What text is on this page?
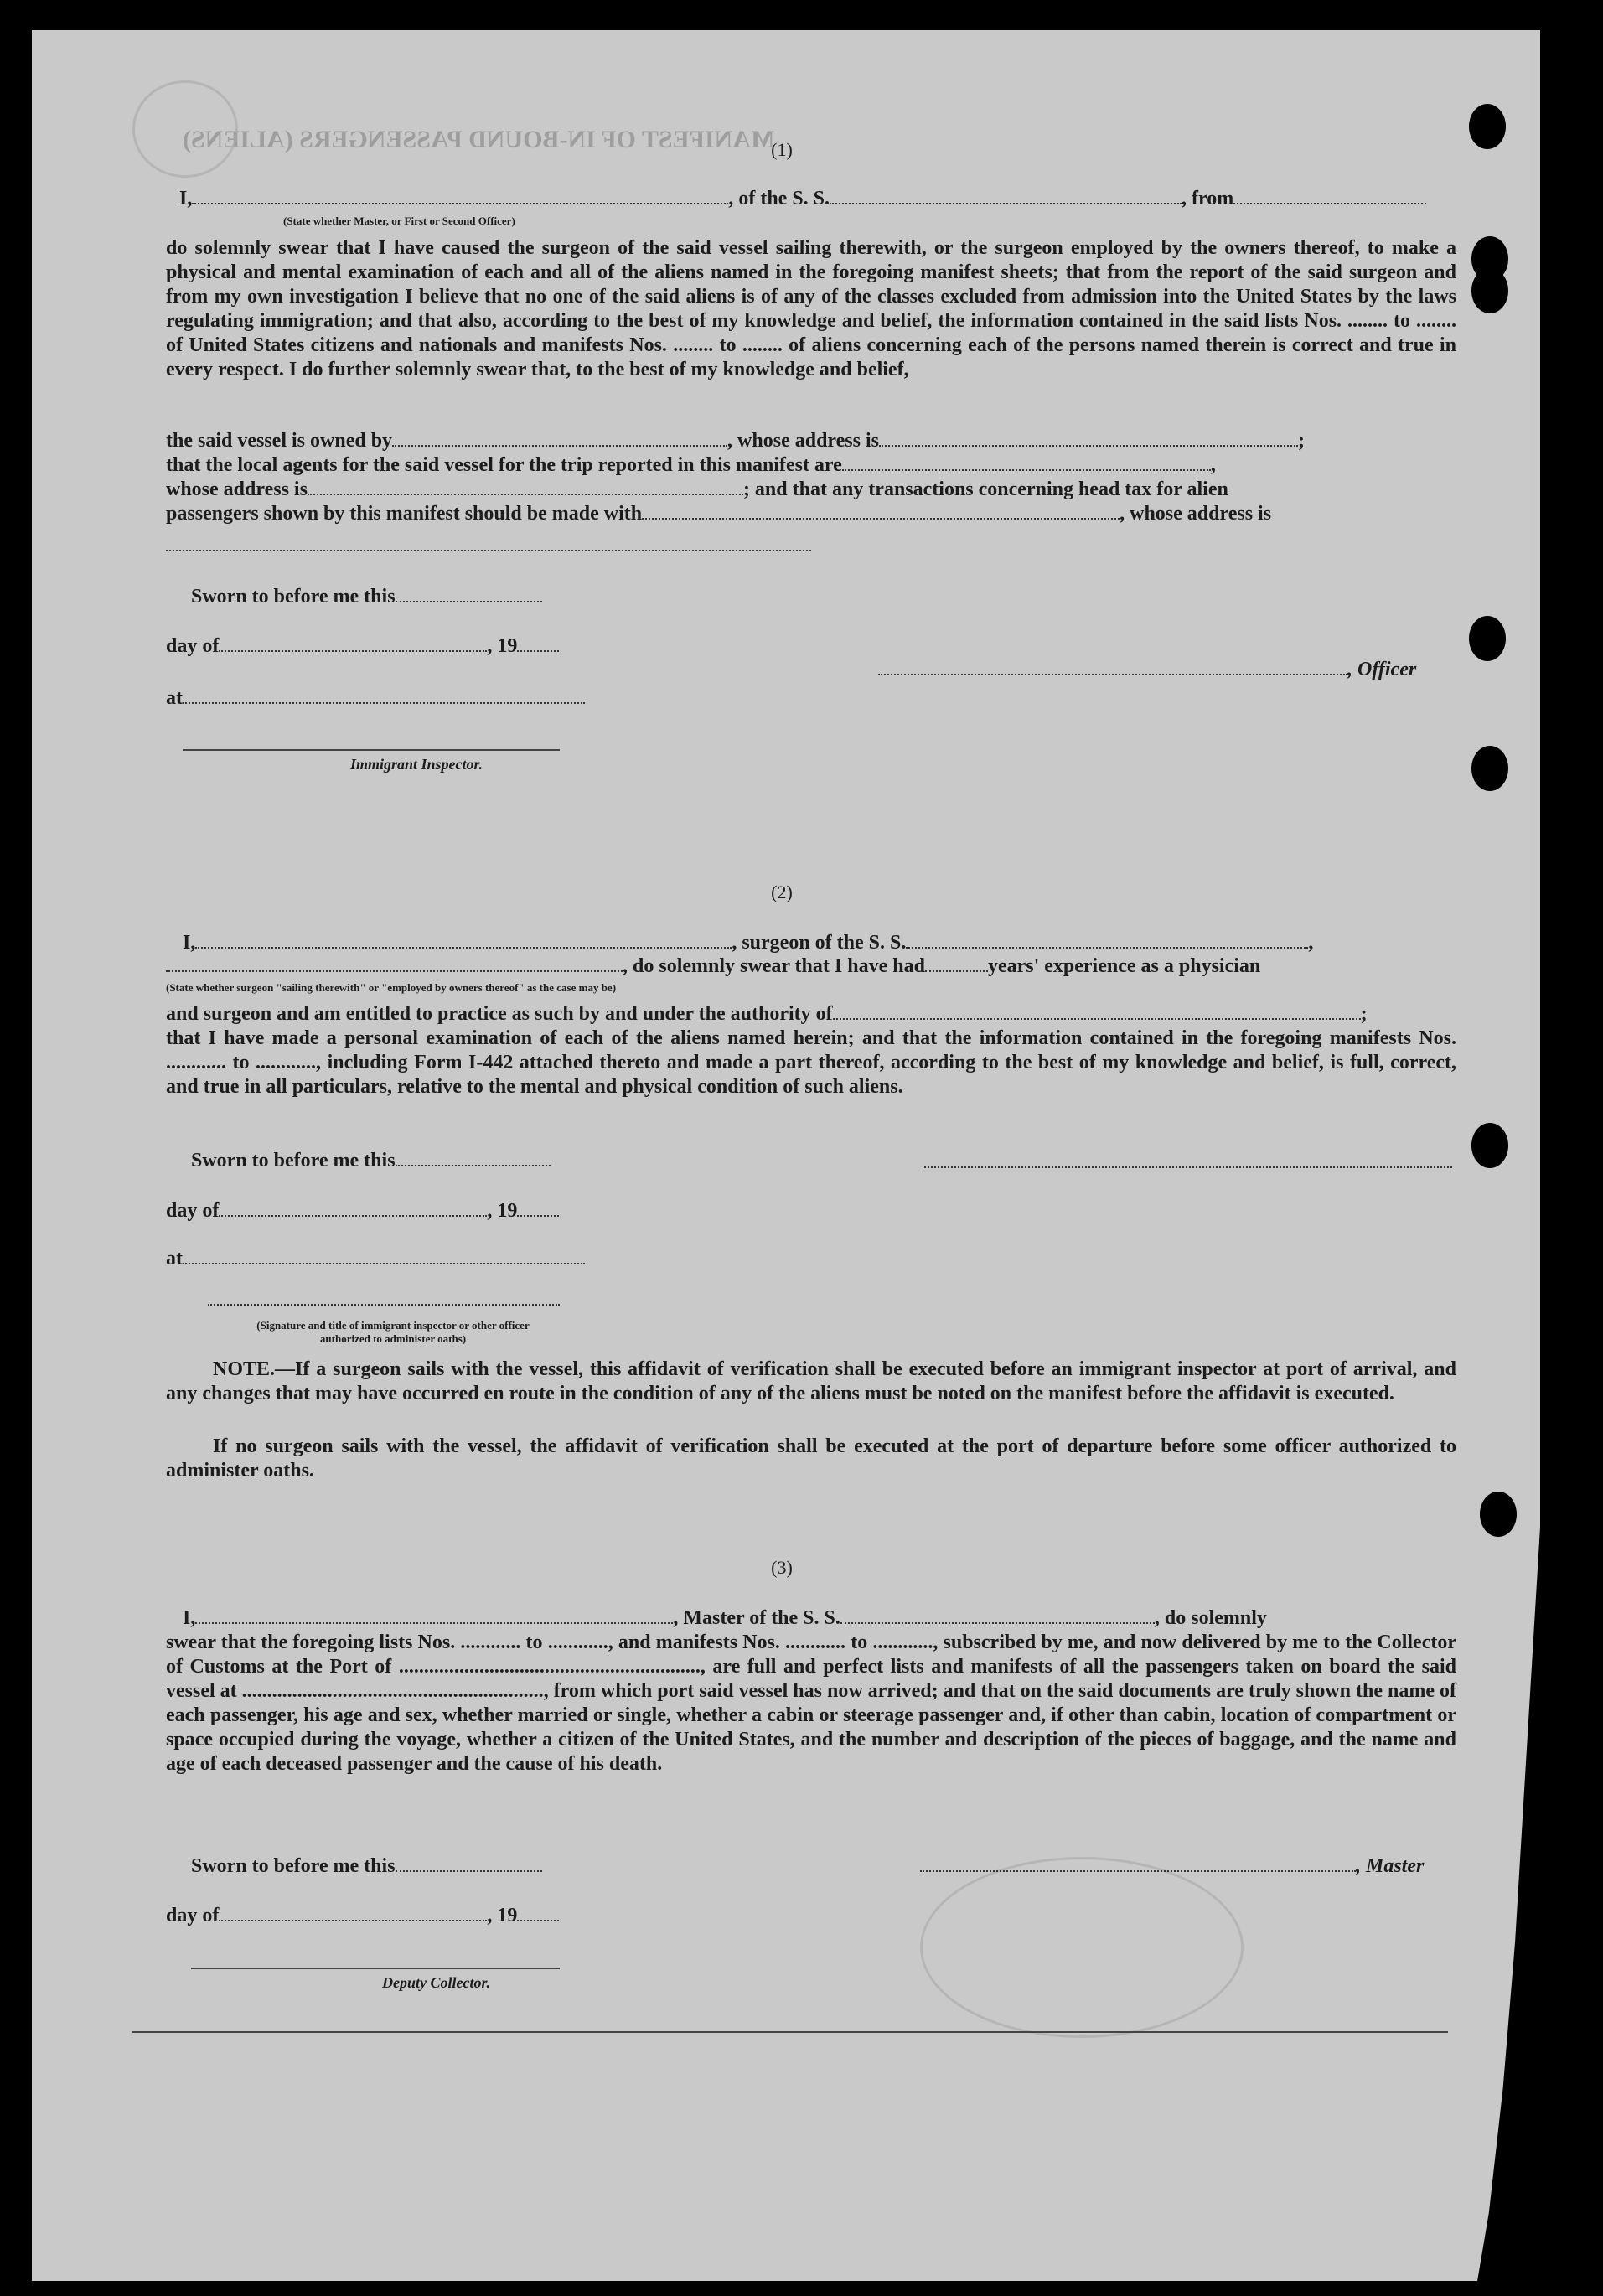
MANIFEST OF IN-BOUND PASSENGERS (ALIENS)
(1)
I,	, of the S. S.	, from
(State whether Master, or First or Second Officer)
do solemnly swear that I have caused the surgeon of the said vessel sailing therewith, or the surgeon employed by the owners thereof, to make a physical and mental examination of each and all of the aliens named in the foregoing manifest sheets; that from the report of the said surgeon and from my own investigation I believe that no one of the said aliens is of any of the classes excluded from admission into the United States by the laws regulating immigration; and that also, according to the best of my knowledge and belief, the information contained in the said lists Nos. ........ to ........ of United States citizens and nationals and manifests Nos. ........ to ........ of aliens concerning each of the persons named therein is correct and true in every respect. I do further solemnly swear that, to the best of my knowledge and belief,
the said vessel is owned by	, whose address is	;
that the local agents for the said vessel for the trip reported in this manifest are	,
whose address is	; and that any transactions concerning head tax for alien
passengers shown by this manifest should be made with	, whose address is
Sworn to before me this
day of	, 19
at
, Officer
Immigrant Inspector.
(2)
I,	, surgeon of the S. S.	,
, do solemnly swear that I have had	years' experience as a physician
(State whether surgeon "sailing therewith" or "employed by owners thereof" as the case may be)
and surgeon and am entitled to practice as such by and under the authority of	;
that I have made a personal examination of each of the aliens named herein; and that the information contained in the foregoing manifests Nos. ............ to ............, including Form I-442 attached thereto and made a part thereof, according to the best of my knowledge and belief, is full, correct, and true in all particulars, relative to the mental and physical condition of such aliens.
Sworn to before me this
day of	, 19
at
(Signature and title of immigrant inspector or other officer authorized to administer oaths)
NOTE.—If a surgeon sails with the vessel, this affidavit of verification shall be executed before an immigrant inspector at port of arrival, and any changes that may have occurred en route in the condition of any of the aliens must be noted on the manifest before the affidavit is executed.
If no surgeon sails with the vessel, the affidavit of verification shall be executed at the port of departure before some officer authorized to administer oaths.
(3)
I,	, Master of the S. S.	, do solemnly
swear that the foregoing lists Nos. ............ to ............, and manifests Nos. ............ to ............, subscribed by me, and now delivered by me to the Collector of Customs at the Port of ............................................................, are full and perfect lists and manifests of all the passengers taken on board the said vessel at ............................................................, from which port said vessel has now arrived; and that on the said documents are truly shown the name of each passenger, his age and sex, whether married or single, whether a cabin or steerage passenger and, if other than cabin, location of compartment or space occupied during the voyage, whether a citizen of the United States, and the number and description of the pieces of baggage, and the name and age of each deceased passenger and the cause of his death.
Sworn to before me this	, Master
day of	, 19
Deputy Collector.
